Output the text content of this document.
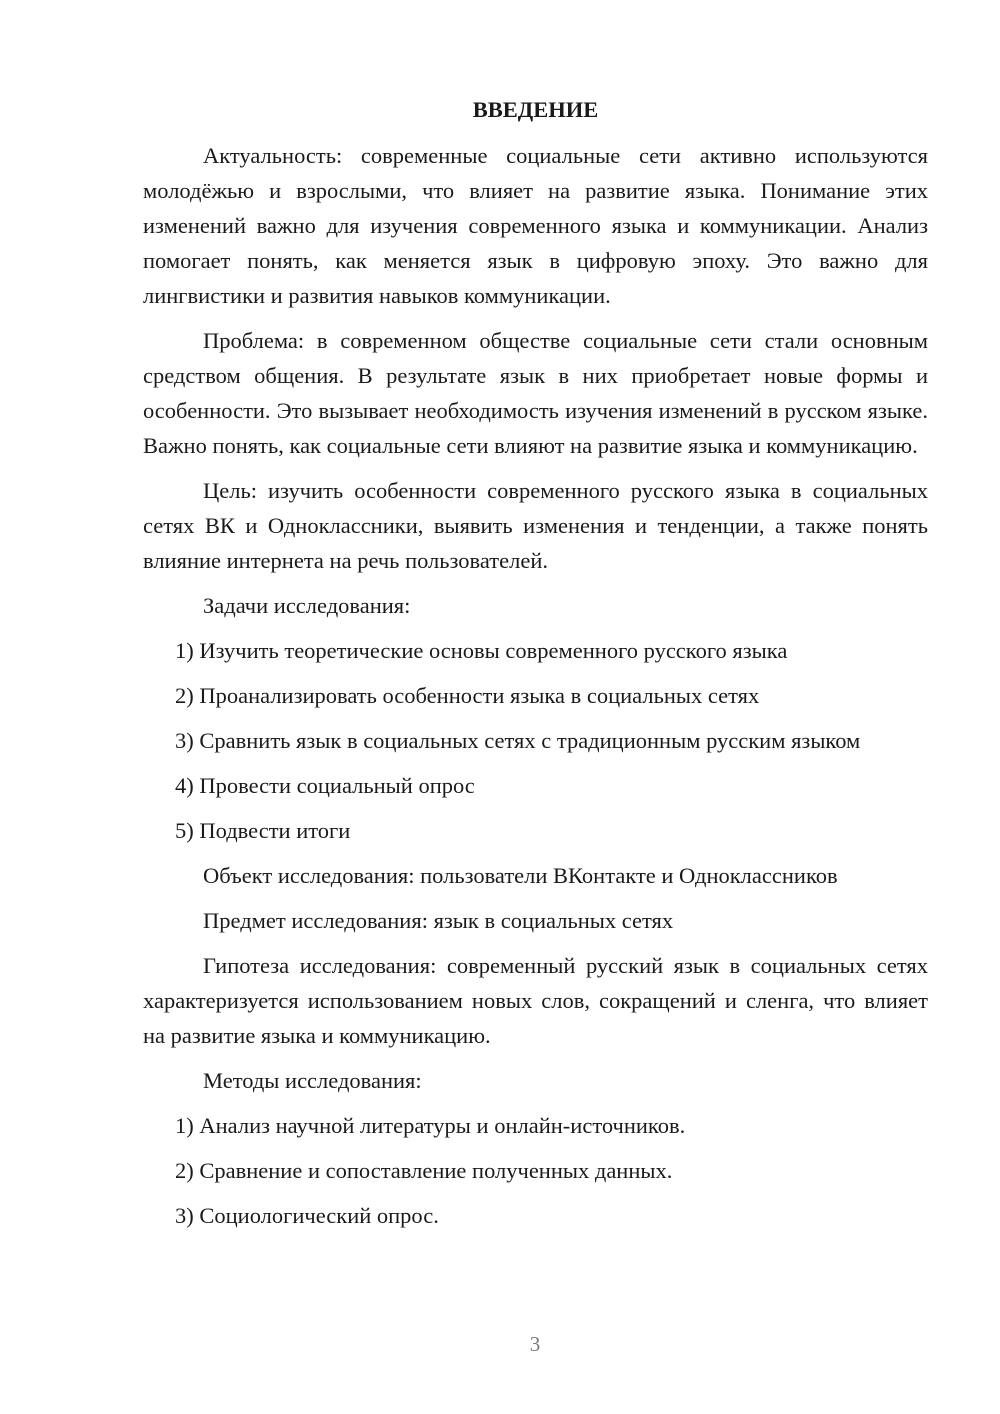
ВВЕДЕНИЕ

Актуальность: современные социальные сети активно используются молодёжью и взрослыми, что влияет на развитие языка. Понимание этих изменений важно для изучения современного языка и коммуникации. Анализ помогает понять, как меняется язык в цифровую эпоху. Это важно для лингвистики и развития навыков коммуникации.

Проблема: в современном обществе социальные сети стали основным средством общения. В результате язык в них приобретает новые формы и особенности. Это вызывает необходимость изучения изменений в русском языке. Важно понять, как социальные сети влияют на развитие языка и коммуникацию.

Цель: изучить особенности современного русского языка в социальных сетях ВК и Одноклассники, выявить изменения и тенденции, а также понять влияние интернета на речь пользователей.

Задачи исследования:

1) Изучить теоретические основы современного русского языка

2) Проанализировать особенности языка в социальных сетях

3) Сравнить язык в социальных сетях с традиционным русским языком

4) Провести социальный опрос

5) Подвести итоги

Объект исследования: пользователи ВКонтакте и Одноклассников

Предмет исследования: язык в социальных сетях

Гипотеза исследования: современный русский язык в социальных сетях характеризуется использованием новых слов, сокращений и сленга, что влияет на развитие языка и коммуникацию.

Методы исследования:

1) Анализ научной литературы и онлайн-источников.

2) Сравнение и сопоставление полученных данных.

3) Социологический опрос.

3
